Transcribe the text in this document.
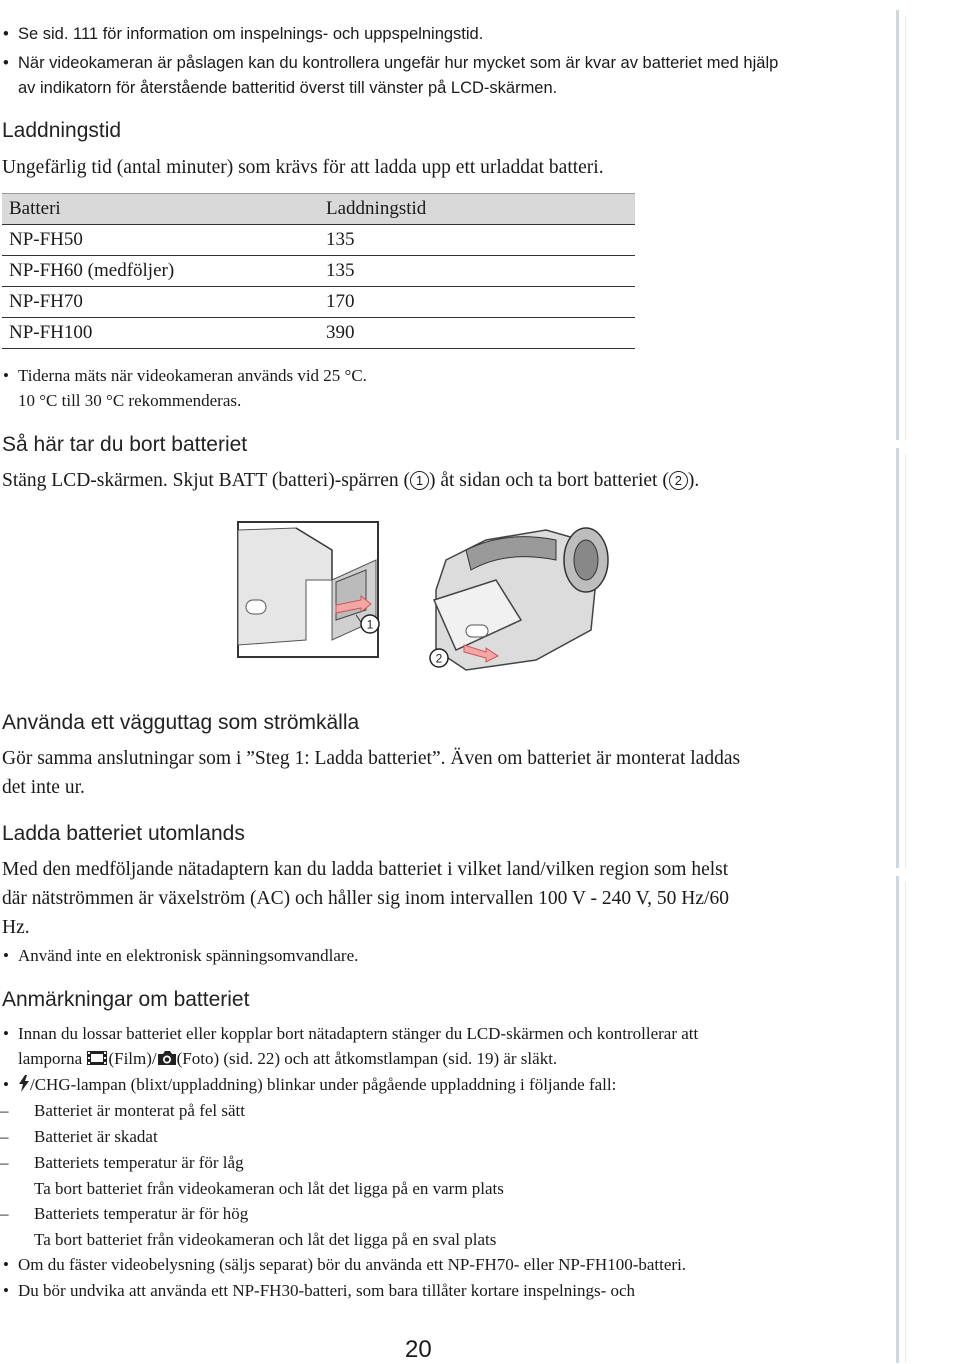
• Se sid. 111 för information om inspelnings- och uppspelningstid.
• När videokameran är påslagen kan du kontrollera ungefär hur mycket som är kvar av batteriet med hjälp
av indikatorn för återstående batteritid överst till vänster på LCD-skärmen.
Laddningstid
Ungefärlig tid (antal minuter) som krävs för att ladda upp ett urladdat batteri.
Batteri	Laddningstid
NP-FH50	135
NP-FH60 (medföljer)	135
NP-FH70	170
NP-FH100	390
• Tiderna mäts när videokameran används vid 25 °C.
10 °C till 30 °C rekommenderas.
Så här tar du bort batteriet
Stäng LCD-skärmen. Skjut BATT (batteri)-spärren ( 1 ) åt sidan och ta bort batteriet ( 2 ).
1
2
Använda ett vägguttag som strömkälla
Gör samma anslutningar som i ”Steg 1: Ladda batteriet”. Även om batteriet är monterat laddas
det inte ur.
Ladda batteriet utomlands
Med den medföljande nätadaptern kan du ladda batteriet i vilket land/vilken region som helst
där nätströmmen är växelström (AC) och håller sig inom intervallen 100 V - 240 V, 50 Hz/60
Hz.
• Använd inte en elektronisk spänningsomvandlare.
Anmärkningar om batteriet
• Innan du lossar batteriet eller kopplar bort nätadaptern stänger du LCD-skärmen och kontrollerar att
lamporna (Film)/ (Foto) (sid. 22) och att åtkomstlampan (sid. 19) är släkt.
•	/CHG-lampan (blixt/uppladdning) blinkar under pågående uppladdning i följande fall:
– Batteriet är monterat på fel sätt
– Batteriet är skadat
– Batteriets temperatur är för låg
Ta bort batteriet från videokameran och låt det ligga på en varm plats
– Batteriets temperatur är för hög
Ta bort batteriet från videokameran och låt det ligga på en sval plats
• Om du fäster videobelysning (säljs separat) bör du använda ett NP-FH70- eller NP-FH100-batteri.
• Du bör undvika att använda ett NP-FH30-batteri, som bara tillåter kortare inspelnings- och
20
